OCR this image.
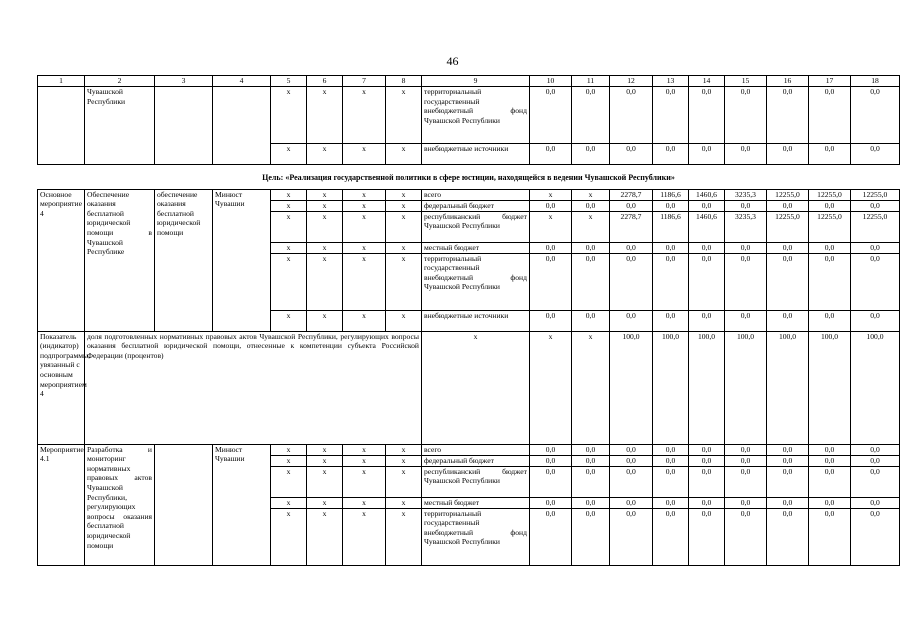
46
1	2	3	4	5	6	7	8	9	10	11	12	13	14	15	16	17	18
	Чувашской Республики			x	x	x	x	территориальный государственный внебюджетный фонд Чувашской Республики	0,0	0,0	0,0	0,0	0,0	0,0	0,0	0,0	0,0
				x	x	x	x	внебюджетные источники	0,0	0,0	0,0	0,0	0,0	0,0	0,0	0,0	0,0
Цель: «Реализация государственной политики в сфере юстиции, находящейся в ведении Чувашской Республики»																	
Основное мероприятие 4	Обеспечение оказания бесплатной юридической помощи в Чувашской Республике	обеспечение оказания бесплатной юридической помощи	Минюст Чувашии	x	x	x	x	всего	x	x	2278,7	1186,6	1460,6	3235,3	12255,0	12255,0	12255,0
				x	x	x	x	федеральный бюджет	0,0	0,0	0,0	0,0	0,0	0,0	0,0	0,0	0,0
				x	x	x	x	республиканский бюджет Чувашской Республики	x	x	2278,7	1186,6	1460,6	3235,3	12255,0	12255,0	12255,0
				x	x	x	x	местный бюджет	0,0	0,0	0,0	0,0	0,0	0,0	0,0	0,0	0,0
				x	x	x	x	территориальный государственный внебюджетный фонд Чувашской Республики	0,0	0,0	0,0	0,0	0,0	0,0	0,0	0,0	0,0
				x	x	x	x	внебюджетные источники	0,0	0,0	0,0	0,0	0,0	0,0	0,0	0,0	0,0
Показатель (индикатор) подпрограммы, увязанный с основным мероприятием 4	доля подготовленных нормативных правовых актов Чувашской Республики, регулирующих вопросы оказания бесплатной юридической помощи, отнесенные к компетенции субъекта Российской Федерации (процентов)							x	x	x	100,0	100,0	100,0	100,0	100,0	100,0	100,0
Мероприятие 4.1	Разработка и мониторинг нормативных правовых актов Чувашской Республики, регулирующих вопросы оказания бесплатной юридической помощи		Минюст Чувашии	x	x	x	x	всего	0,0	0,0	0,0	0,0	0,0	0,0	0,0	0,0	0,0
				x	x	x	x	федеральный бюджет	0,0	0,0	0,0	0,0	0,0	0,0	0,0	0,0	0,0
				x	x	x	x	республиканский бюджет Чувашской Республики	0,0	0,0	0,0	0,0	0,0	0,0	0,0	0,0	0,0
				x	x	x	x	местный бюджет	0,0	0,0	0,0	0,0	0,0	0,0	0,0	0,0	0,0
				x	x	x	x	территориальный государственный внебюджетный фонд Чувашской Республики	0,0	0,0	0,0	0,0	0,0	0,0	0,0	0,0	0,0
